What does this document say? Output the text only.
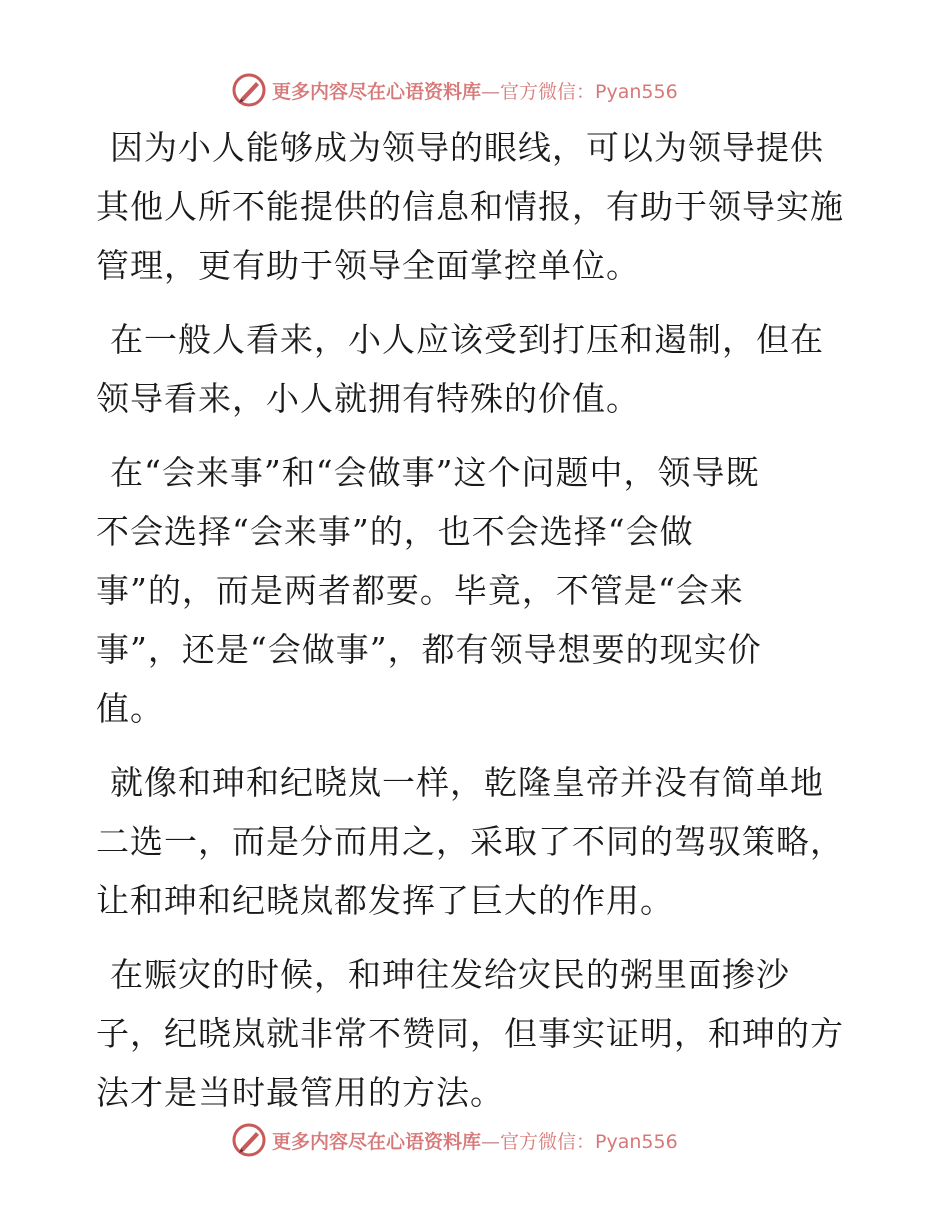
更多内容尽在心语资料库—官方微信：Pyan556
因为小人能够成为领导的眼线，可以为领导提供
其他人所不能提供的信息和情报，有助于领导实施
管理，更有助于领导全面掌控单位。
在一般人看来，小人应该受到打压和遏制，但在
领导看来，小人就拥有特殊的价值。
在“会来事”和“会做事”这个问题中，领导既
不会选择“会来事”的，也不会选择“会做
事”的，而是两者都要。毕竟，不管是“会来
事”，还是“会做事”，都有领导想要的现实价
值。
就像和珅和纪晓岚一样，乾隆皇帝并没有简单地
二选一，而是分而用之，采取了不同的驾驭策略，
让和珅和纪晓岚都发挥了巨大的作用。
在赈灾的时候，和珅往发给灾民的粥里面掺沙
子，纪晓岚就非常不赞同，但事实证明，和珅的方
法才是当时最管用的方法。
更多内容尽在心语资料库—官方微信：Pyan556
